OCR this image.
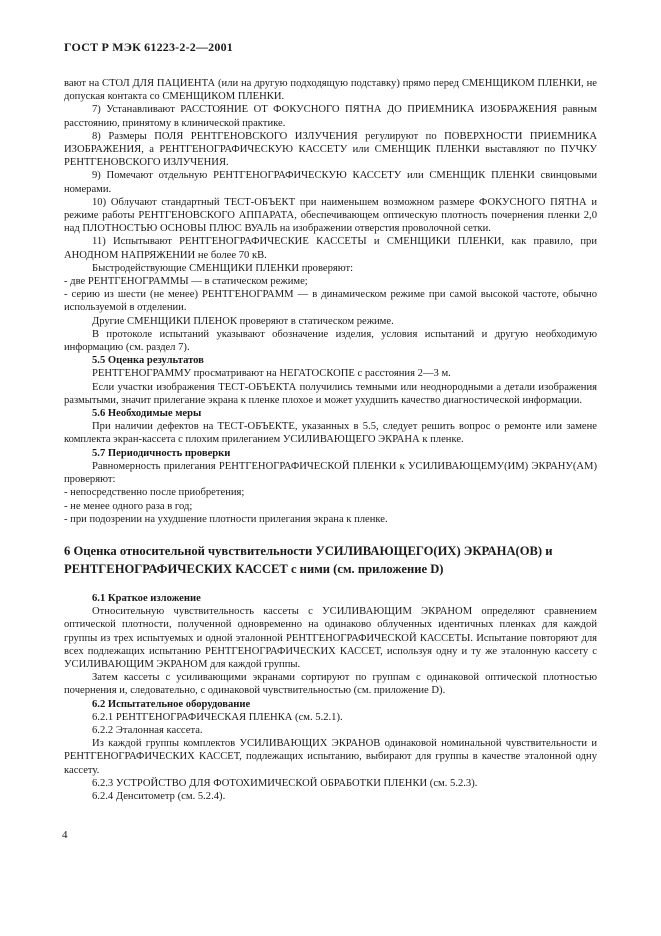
ГОСТ Р МЭК 61223-2-2—2001
вают на СТОЛ ДЛЯ ПАЦИЕНТА (или на другую подходящую подставку) прямо перед СМЕНЩИКОМ ПЛЕНКИ, не допуская контакта со СМЕНЩИКОМ ПЛЕНКИ.
7) Устанавливают РАССТОЯНИЕ ОТ ФОКУСНОГО ПЯТНА ДО ПРИЕМНИКА ИЗОБРАЖЕНИЯ равным расстоянию, принятому в клинической практике.
8) Размеры ПОЛЯ РЕНТГЕНОВСКОГО ИЗЛУЧЕНИЯ регулируют по ПОВЕРХНОСТИ ПРИЕМНИКА ИЗОБРАЖЕНИЯ, а РЕНТГЕНОГРАФИЧЕСКУЮ КАССЕТУ или СМЕНЩИК ПЛЕНКИ выставляют по ПУЧКУ РЕНТГЕНОВСКОГО ИЗЛУЧЕНИЯ.
9) Помечают отдельную РЕНТГЕНОГРАФИЧЕСКУЮ КАССЕТУ или СМЕНЩИК ПЛЕНКИ свинцовыми номерами.
10) Облучают стандартный ТЕСТ-ОБЪЕКТ при наименьшем возможном размере ФОКУСНОГО ПЯТНА и режиме работы РЕНТГЕНОВСКОГО АППАРАТА, обеспечивающем оптическую плотность почернения пленки 2,0 над ПЛОТНОСТЬЮ ОСНОВЫ ПЛЮС ВУАЛЬ на изображении отверстия проволочной сетки.
11) Испытывают РЕНТГЕНОГРАФИЧЕСКИЕ КАССЕТЫ и СМЕНЩИКИ ПЛЕНКИ, как правило, при АНОДНОМ НАПРЯЖЕНИИ не более 70 кВ.
Быстродействующие СМЕНЩИКИ ПЛЕНКИ проверяют:
- две РЕНТГЕНОГРАММЫ — в статическом режиме;
- серию из шести (не менее) РЕНТГЕНОГРАММ — в динамическом режиме при самой высокой частоте, обычно используемой в отделении.
Другие СМЕНЩИКИ ПЛЕНОК проверяют в статическом режиме.
В протоколе испытаний указывают обозначение изделия, условия испытаний и другую необходимую информацию (см. раздел 7).
5.5 Оценка результатов
РЕНТГЕНОГРАММУ просматривают на НЕГАТОСКОПЕ с расстояния 2—3 м.
Если участки изображения ТЕСТ-ОБЪЕКТА получились темными или неоднородными а детали изображения размытыми, значит прилегание экрана к пленке плохое и может ухудшить качество диагностической информации.
5.6 Необходимые меры
При наличии дефектов на ТЕСТ-ОБЪЕКТЕ, указанных в 5.5, следует решить вопрос о ремонте или замене комплекта экран-кассета с плохим прилеганием УСИЛИВАЮЩЕГО ЭКРАНА к пленке.
5.7 Периодичность проверки
Равномерность прилегания РЕНТГЕНОГРАФИЧЕСКОЙ ПЛЕНКИ к УСИЛИВАЮЩЕМУ(ИМ) ЭКРАНУ(АМ) проверяют:
- непосредственно после приобретения;
- не менее одного раза в год;
- при подозрении на ухудшение плотности прилегания экрана к пленке.
6 Оценка относительной чувствительности УСИЛИВАЮЩЕГО(ИХ) ЭКРАНА(ОВ) и РЕНТГЕНОГРАФИЧЕСКИХ КАССЕТ с ними (см. приложение D)
6.1 Краткое изложение
Относительную чувствительность кассеты с УСИЛИВАЮЩИМ ЭКРАНОМ определяют сравнением оптической плотности, полученной одновременно на одинаково облученных идентичных пленках для каждой группы из трех испытуемых и одной эталонной РЕНТГЕНОГРАФИЧЕСКОЙ КАССЕТЫ. Испытание повторяют для всех подлежащих испытанию РЕНТГЕНОГРАФИЧЕСКИХ КАССЕТ, используя одну и ту же эталонную кассету с УСИЛИВАЮЩИМ ЭКРАНОМ для каждой группы.
Затем кассеты с усиливающими экранами сортируют по группам с одинаковой оптической плотностью почернения и, следовательно, с одинаковой чувствительностью (см. приложение D).
6.2 Испытательное оборудование
6.2.1 РЕНТГЕНОГРАФИЧЕСКАЯ ПЛЕНКА (см. 5.2.1).
6.2.2 Эталонная кассета.
Из каждой группы комплектов УСИЛИВАЮЩИХ ЭКРАНОВ одинаковой номинальной чувствительности и РЕНТГЕНОГРАФИЧЕСКИХ КАССЕТ, подлежащих испытанию, выбирают для группы в качестве эталонной одну кассету.
6.2.3 УСТРОЙСТВО ДЛЯ ФОТОХИМИЧЕСКОЙ ОБРАБОТКИ ПЛЕНКИ (см. 5.2.3).
6.2.4 Денситометр (см. 5.2.4).
4
